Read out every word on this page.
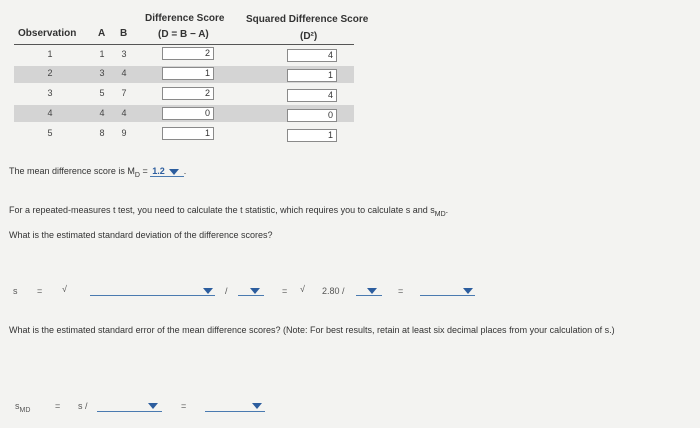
Observation A B
Difference Score
(D = B − A)
Squared Difference Score
(D²)
1	1	3	2	4
2	3	4	1	1
3	5	7	2	4
4	4	4	0	0
5	8	9	1	1
The mean difference score is $M_D = 1.2$ .
For a repeated-measures t test, you need to calculate the t statistic, which requires you to calculate s and $s_{MD}$.
What is the estimated standard deviation of the difference scores?
s = √	/	= √ 2.80 /	=
What is the estimated standard error of the mean difference scores? (Note: For best results, retain at least six decimal places from your calculation of s.)
$s_{MD}$	= s /	=
